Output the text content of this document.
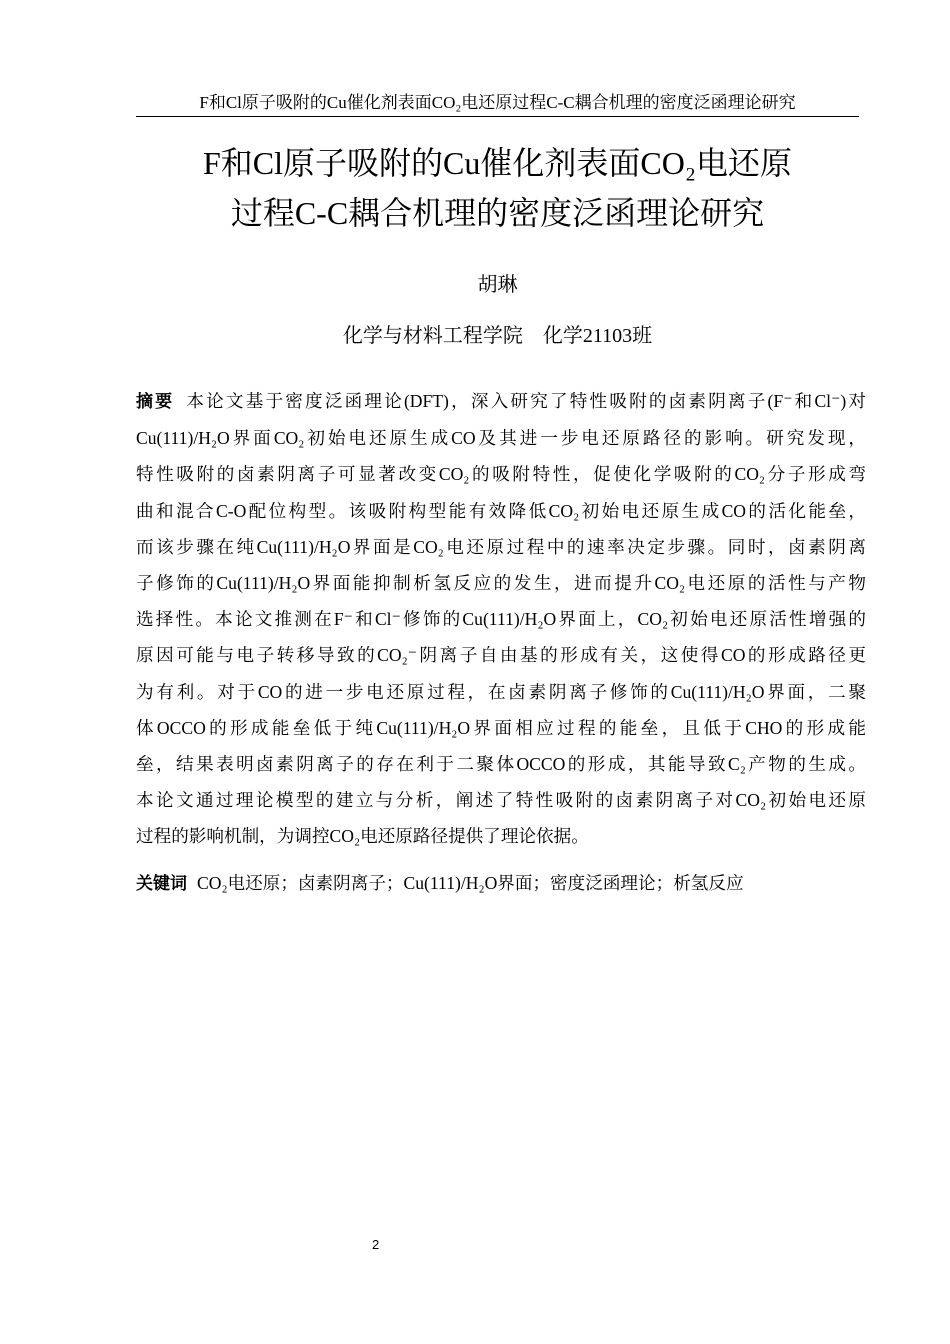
F和Cl原子吸附的Cu催化剂表面CO₂电还原过程C-C耦合机理的密度泛函理论研究
F和Cl原子吸附的Cu催化剂表面CO₂电还原
过程C-C耦合机理的密度泛函理论研究
胡琳
化学与材料工程学院    化学21103班
摘要 本论文基于密度泛函理论(DFT)，深入研究了特性吸附的卤素阴离子(F⁻和Cl⁻)对
Cu(111)/H₂O界面CO₂初始电还原生成CO及其进一步电还原路径的影响。研究发现，
特性吸附的卤素阴离子可显著改变CO₂的吸附特性，促使化学吸附的CO₂分子形成弯
曲和混合C-O配位构型。该吸附构型能有效降低CO₂初始电还原生成CO的活化能垒，
而该步骤在纯Cu(111)/H₂O界面是CO₂电还原过程中的速率决定步骤。同时，卤素阴离
子修饰的Cu(111)/H₂O界面能抑制析氢反应的发生，进而提升CO₂电还原的活性与产物
选择性。本论文推测在F⁻和Cl⁻修饰的Cu(111)/H₂O界面上，CO₂初始电还原活性增强的
原因可能与电子转移导致的CO₂⁻阴离子自由基的形成有关，这使得CO的形成路径更
为有利。对于CO的进一步电还原过程，在卤素阴离子修饰的Cu(111)/H₂O界面，二聚
体OCCO的形成能垒低于纯Cu(111)/H₂O界面相应过程的能垒，且低于CHO的形成能
垒，结果表明卤素阴离子的存在利于二聚体OCCO的形成，其能导致C₂产物的生成。
本论文通过理论模型的建立与分析，阐述了特性吸附的卤素阴离子对CO₂初始电还原
过程的影响机制，为调控CO₂电还原路径提供了理论依据。
关键词 CO₂电还原；卤素阴离子；Cu(111)/H₂O界面；密度泛函理论；析氢反应
2
